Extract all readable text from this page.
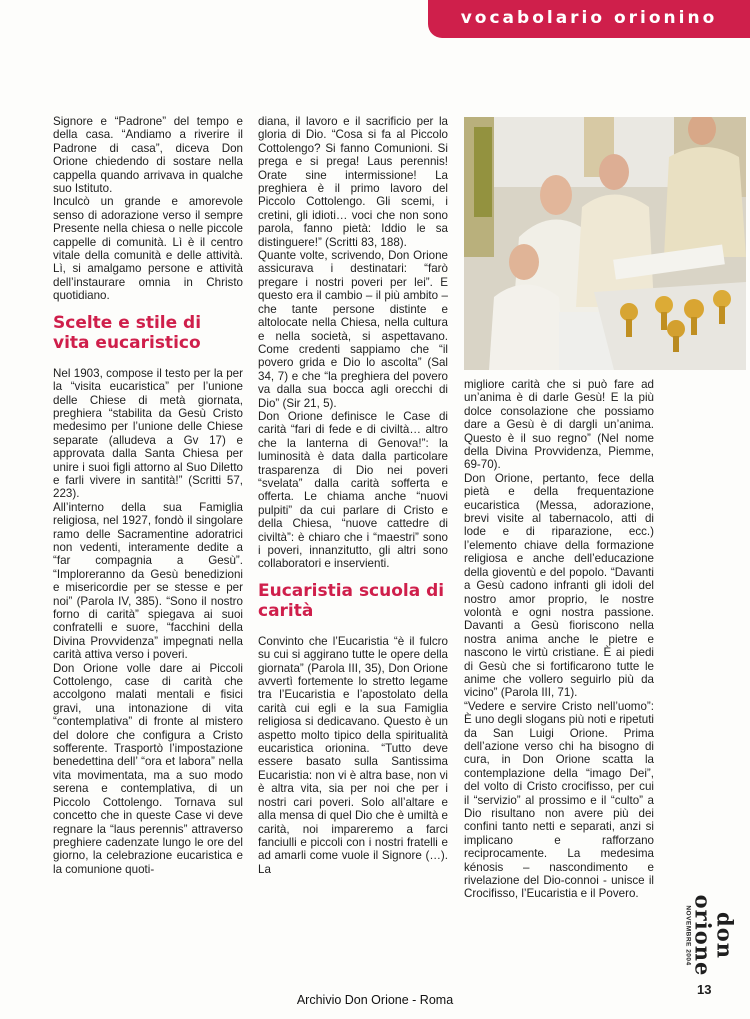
vocabolario orionino

Signore e “Padrone” del tempo e della casa. “Andiamo a riverire il Padrone di casa”, diceva Don Orione chiedendo di sostare nella cappella quando arrivava in qualche suo Istituto.

Inculcò un grande e amorevole senso di adorazione verso il sempre Presente nella chiesa o nelle piccole cappelle di comunità. Lì è il centro vitale della comunità e delle attività. Lì, si amalgamo persone e attività dell’instaurare omnia in Christo quotidiano.

Scelte e stile di vita eucaristico

Nel 1903, compose il testo per la per la “visita eucaristica” per l’unione delle Chiese di metà giornata, preghiera “stabilita da Gesù Cristo medesimo per l’unione delle Chiese separate (alludeva a Gv 17) e approvata dalla Santa Chiesa per unire i suoi figli attorno al Suo Diletto e farli vivere in santità!” (Scritti 57, 223).

All’interno della sua Famiglia religiosa, nel 1927, fondò il singolare ramo delle Sacramentine adoratrici non vedenti, interamente dedite a “far compagnia a Gesù”. “Imploreranno da Gesù benedizioni e misericordie per se stesse e per noi” (Parola IV, 385). “Sono il nostro forno di carità” spiegava ai suoi confratelli e suore, “facchini della Divina Provvidenza” impegnati nella carità attiva verso i poveri.

Don Orione volle dare ai Piccoli Cottolengo, case di carità che accolgono malati mentali e fisici gravi, una intonazione di vita “contemplativa” di fronte al mistero del dolore che configura a Cristo sofferente. Trasportò l’impostazione benedettina dell’ “ora et labora” nella vita movimentata, ma a suo modo serena e contemplativa, di un Piccolo Cottolengo. Tornava sul concetto che in queste Case vi deve regnare la “laus perennis” attraverso preghiere cadenzate lungo le ore del giorno, la celebrazione eucaristica e la comunione quoti-

diana, il lavoro e il sacrificio per la gloria di Dio. “Cosa si fa al Piccolo Cottolengo? Si fanno Comunioni. Si prega e si prega! Laus perennis! Orate sine intermissione! La preghiera è il primo lavoro del Piccolo Cottolengo. Gli scemi, i cretini, gli idioti… voci che non sono parola, fanno pietà: Iddio le sa distinguere!” (Scritti 83, 188).

Quante volte, scrivendo, Don Orione assicurava i destinatari: “farò pregare i nostri poveri per lei”. E questo era il cambio – il più ambito – che tante persone distinte e altolocate nella Chiesa, nella cultura e nella società, si aspettavano. Come credenti sappiamo che “il povero grida e Dio lo ascolta” (Sal 34, 7) e che “la preghiera del povero va dalla sua bocca agli orecchi di Dio” (Sir 21, 5).

Don Orione definisce le Case di carità “fari di fede e di civiltà… altro che la lanterna di Genova!”: la luminosità è data dalla particolare trasparenza di Dio nei poveri “svelata” dalla carità sofferta e offerta. Le chiama anche “nuovi pulpiti” da cui parlare di Cristo e della Chiesa, “nuove cattedre di civiltà”: è chiaro che i “maestri” sono i poveri, innanzitutto, gli altri sono collaboratori e inservienti.

Eucaristia scuola di carità

Convinto che l’Eucaristia “è il fulcro su cui si aggirano tutte le opere della giornata” (Parola III, 35), Don Orione avvertì fortemente lo stretto legame tra l’Eucaristia e l’apostolato della carità cui egli e la sua Famiglia religiosa si dedicavano. Questo è un aspetto molto tipico della spiritualità eucaristica orionina. “Tutto deve essere basato sulla Santissima Eucaristia: non vi è altra base, non vi è altra vita, sia per noi che per i nostri cari poveri. Solo all’altare e alla mensa di quel Dio che è umiltà e carità, noi impareremo a farci fanciulli e piccoli con i nostri fratelli e ad amarli come vuole il Signore (…). La

migliore carità che si può fare ad un’anima è di darle Gesù! E la più dolce consolazione che possiamo dare a Gesù è di dargli un’anima. Questo è il suo regno” (Nel nome della Divina Provvidenza, Piemme, 69-70).

Don Orione, pertanto, fece della pietà e della frequentazione eucaristica (Messa, adorazione, brevi visite al tabernacolo, atti di lode e di riparazione, ecc.) l’elemento chiave della formazione religiosa e anche dell’educazione della gioventù e del popolo. “Davanti a Gesù cadono infranti gli idoli del nostro amor proprio, le nostre volontà e ogni nostra passione. Davanti a Gesù fioriscono nella nostra anima anche le pietre e nascono le virtù cristiane. È ai piedi di Gesù che si fortificarono tutte le anime che vollero seguirlo più da vicino” (Parola III, 71).

“Vedere e servire Cristo nell’uomo”: È uno degli slogans più noti e ripetuti da San Luigi Orione. Prima dell’azione verso chi ha bisogno di cura, in Don Orione scatta la contemplazione della “imago Dei”, del volto di Cristo crocifisso, per cui il “servizio” al prossimo e il “culto” a Dio risultano non avere più dei confini tanto netti e separati, anzi si implicano e rafforzano reciprocamente. La medesima kénosis – nascondimento e rivelazione del Dio-connoi - unisce il Crocifisso, l’Eucaristia e il Povero.

don orione
NOVEMBRE 2004
13
Archivio Don Orione - Roma
